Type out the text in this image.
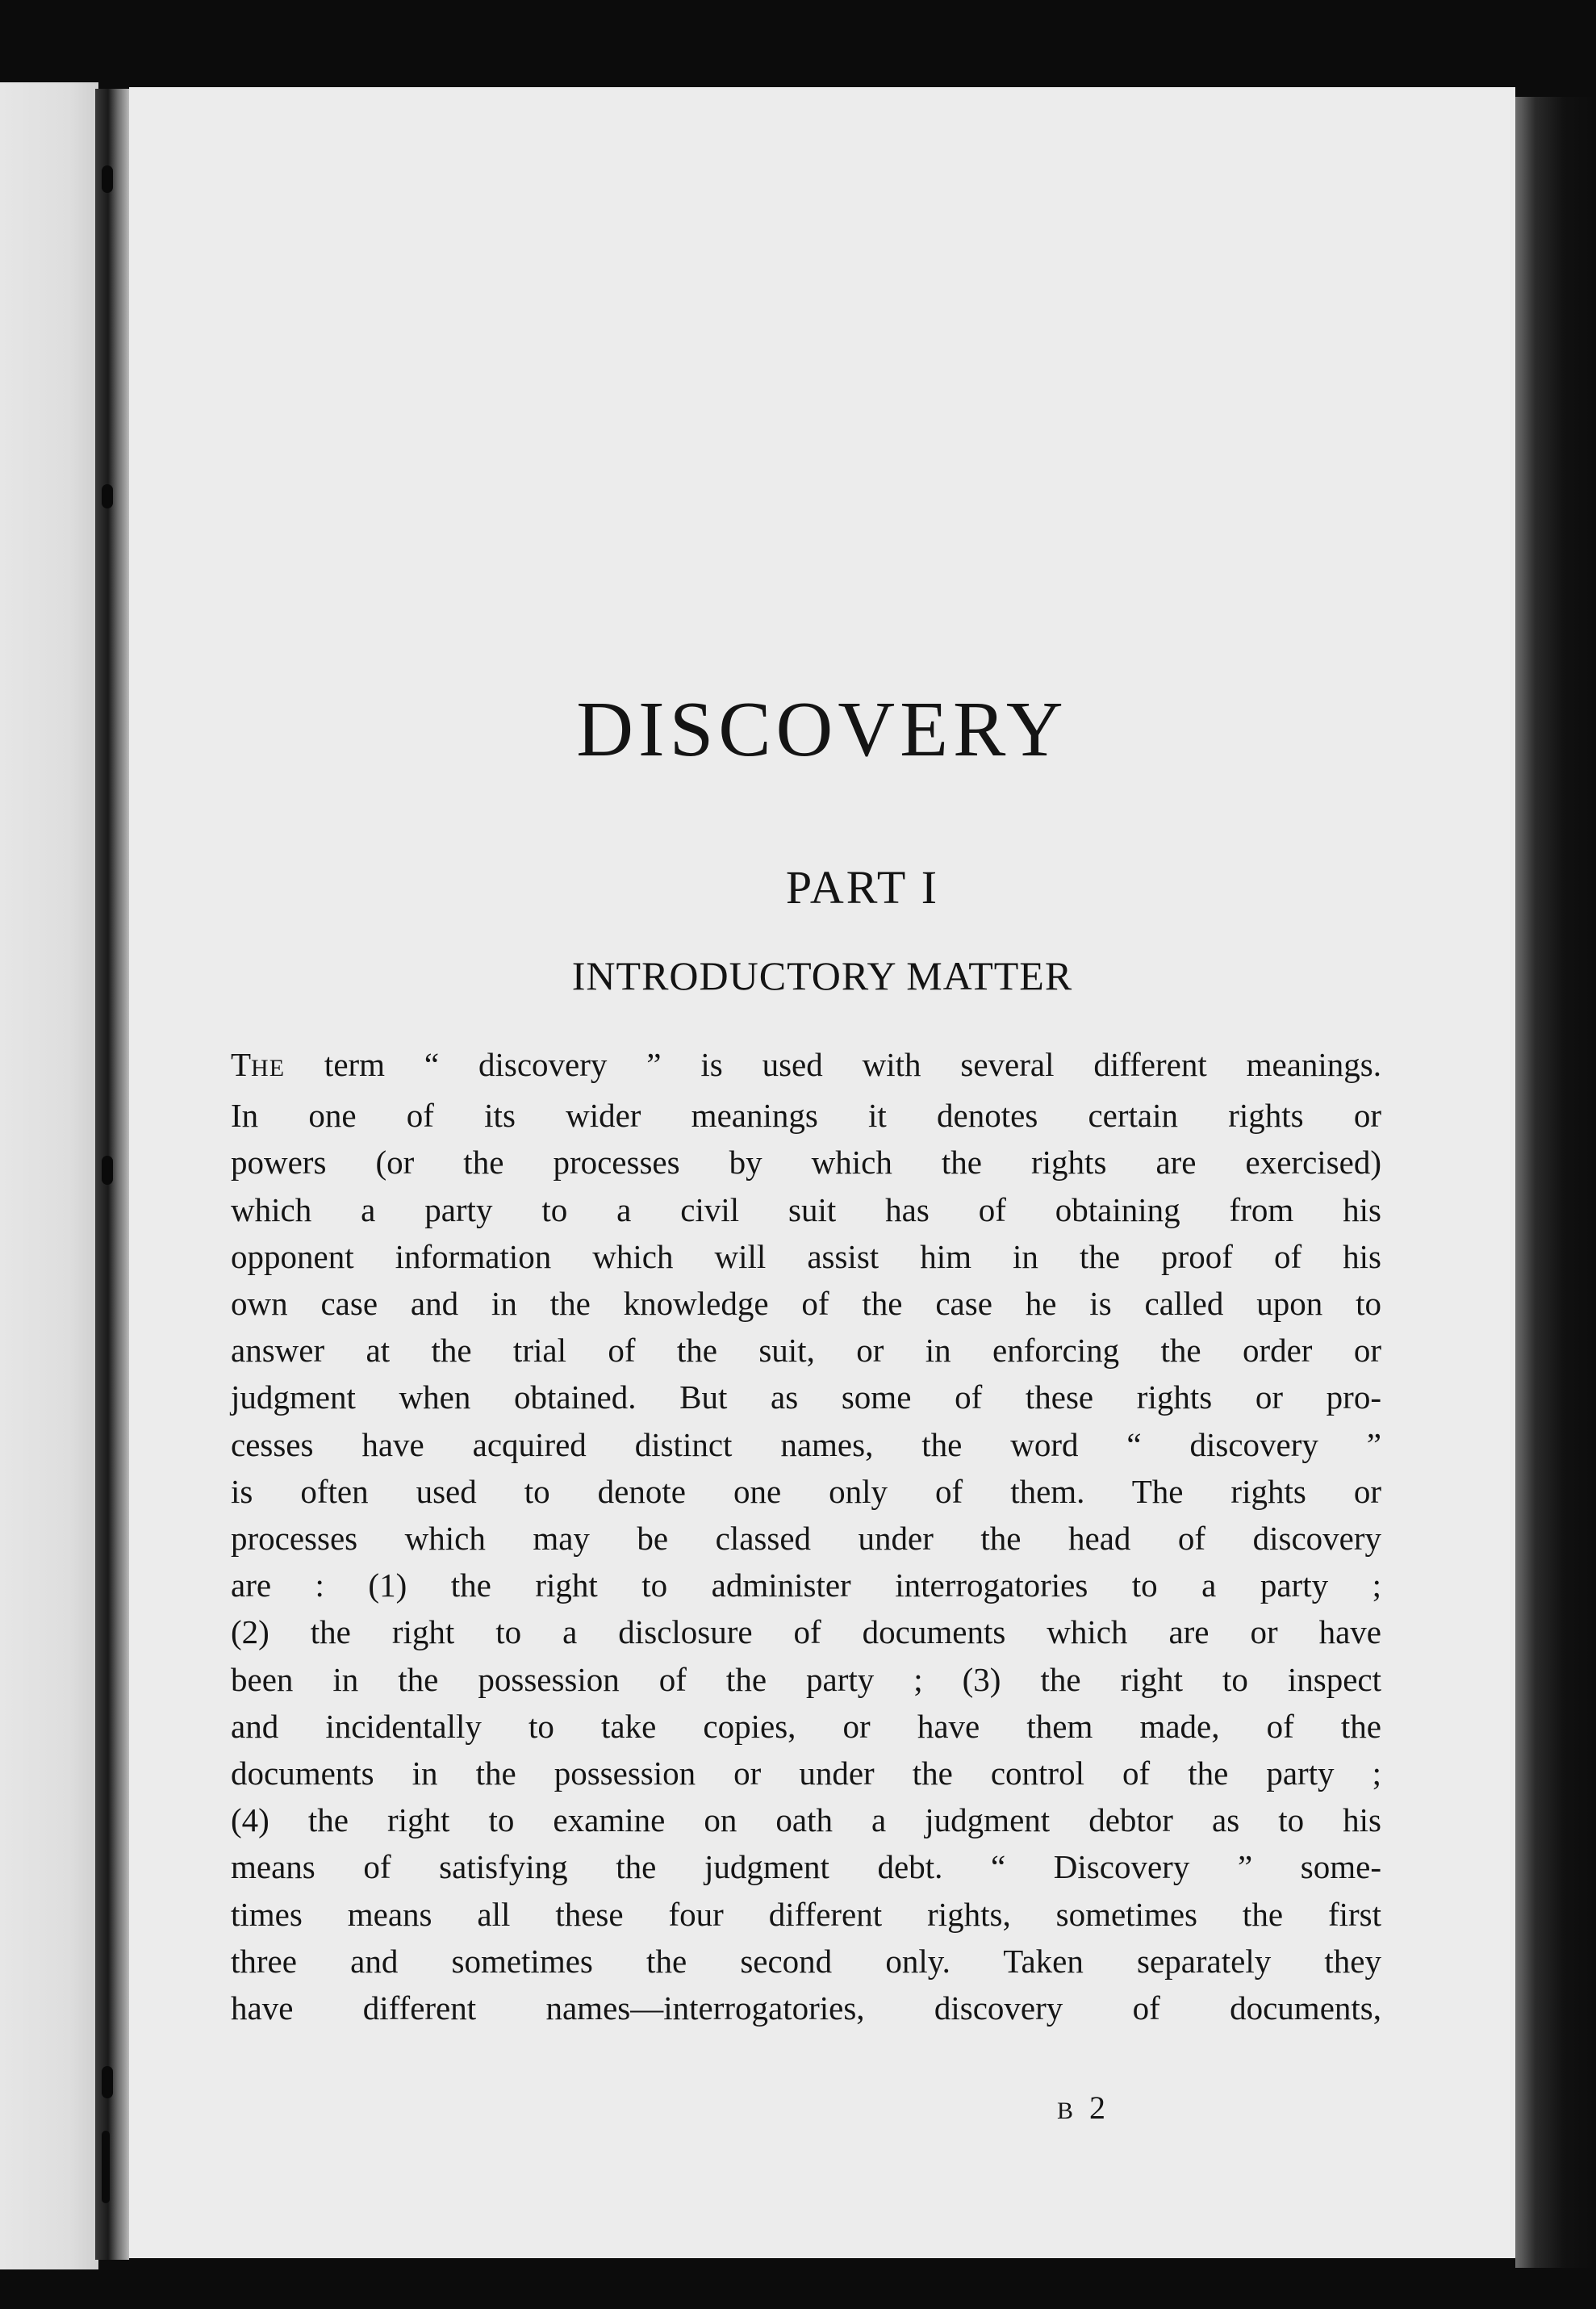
DISCOVERY
PART I
INTRODUCTORY MATTER
THE term “ discovery ” is used with several different meanings.
In one of its wider meanings it denotes certain rights or
powers (or the processes by which the rights are exercised)
which a party to a civil suit has of obtaining from his
opponent information which will assist him in the proof of his
own case and in the knowledge of the case he is called upon to
answer at the trial of the suit, or in enforcing the order or
judgment when obtained. But as some of these rights or pro-
cesses have acquired distinct names, the word “ discovery ”
is often used to denote one only of them. The rights or
processes which may be classed under the head of discovery
are : (1) the right to administer interrogatories to a party ;
(2) the right to a disclosure of documents which are or have
been in the possession of the party ; (3) the right to inspect
and incidentally to take copies, or have them made, of the
documents in the possession or under the control of the party ;
(4) the right to examine on oath a judgment debtor as to his
means of satisfying the judgment debt. “ Discovery ” some-
times means all these four different rights, sometimes the first
three and sometimes the second only. Taken separately they
have different names—interrogatories, discovery of documents,

B 2
